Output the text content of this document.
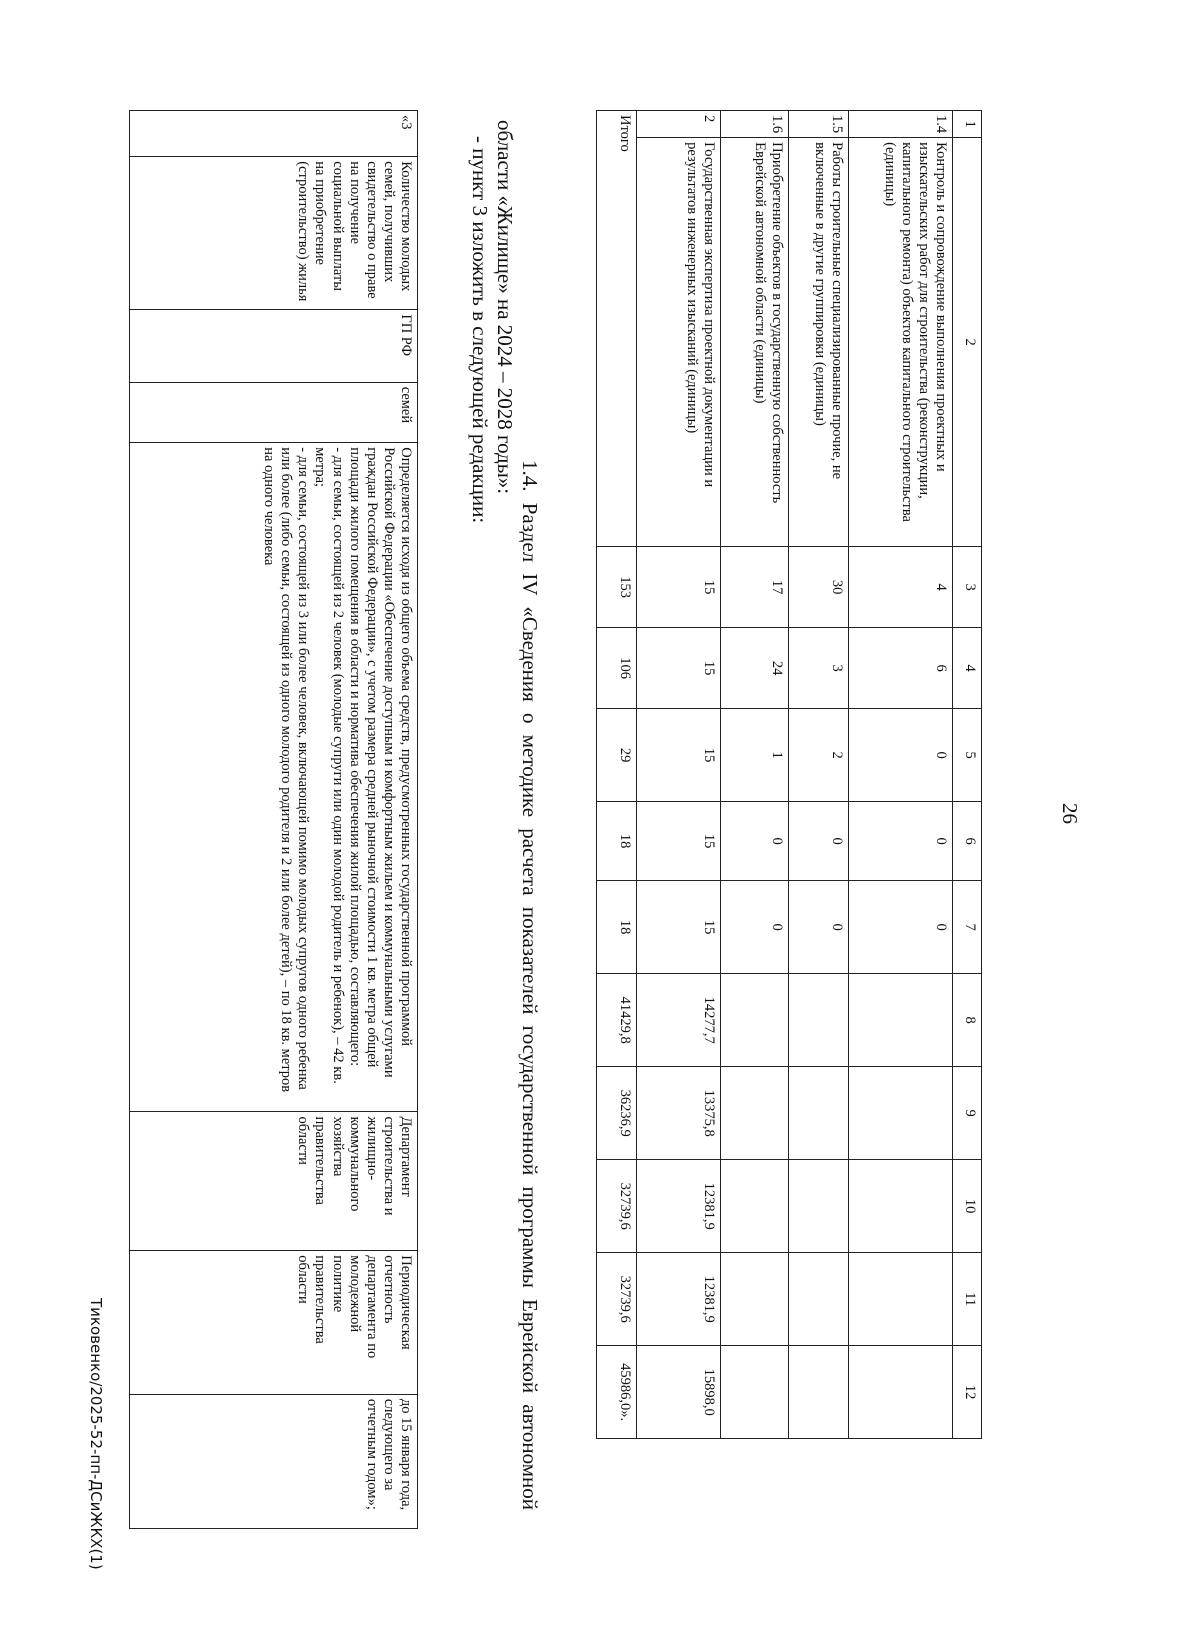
26
1	2	3	4	5	6	7	8	9	10	11	12
1.4	Контроль и сопровождение выполнения проектных и изыскательских работ для строительства (реконструкции, капитального ремонта) объектов капитального строительства (единицы)	4	6	0	0	0					
1.5	Работы строительные специализированные прочие, не включенные в другие группировки (единицы)	30	3	2	0	0					
1.6	Приобретение объектов в государственную собственность Еврейской автономной области (единицы)	17	24	1	0	0					
2	Государственная экспертиза проектной документации и результатов инженерных изысканий (единицы)	15	15	15	15	15	14277,7	13375,8	12381,9	12381,9	15898,0
Итого		153	106	29	18	18	41429,8	36236,9	32739,6	32739,6	45986,0».
1.4. Раздел IV «Сведения о методике расчета показателей государственной программы Еврейской автономной
области «Жилище» на 2024 – 2028 годы»:
- пункт 3 изложить в следующей редакции:
«3	Количество молодых семей, получивших свидетельство о праве на получение социальной выплаты на приобретение (строительство) жилья	ГП РФ	семей	Определяется исходя из общего объема средств, предусмотренных государственной программой Российской Федерации «Обеспечение доступным и комфортным жильем и коммунальными услугами граждан Российской Федерации», с учетом размера средней рыночной стоимости 1 кв. метра общей площади жилого помещения в области и норматива обеспечения жилой площадью, составляющего:
- для семьи, состоящей из 2 человек (молодые супруги или один молодой родитель и ребенок), – 42 кв. метра;
- для семьи, состоящей из 3 или более человек, включающей помимо молодых супругов одного ребенка или более (либо семьи, состоящей из одного молодого родителя и 2 или более детей), – по 18 кв. метров на одного человека	Департамент строительства и жилищно-коммунального хозяйства правительства области	Периодическая отчетность департамента по молодежной политике правительства области	до 15 января года, следующего за отчетным годом»;
Тиковенко/2025-52-пп-ДСиЖКХ(1)
